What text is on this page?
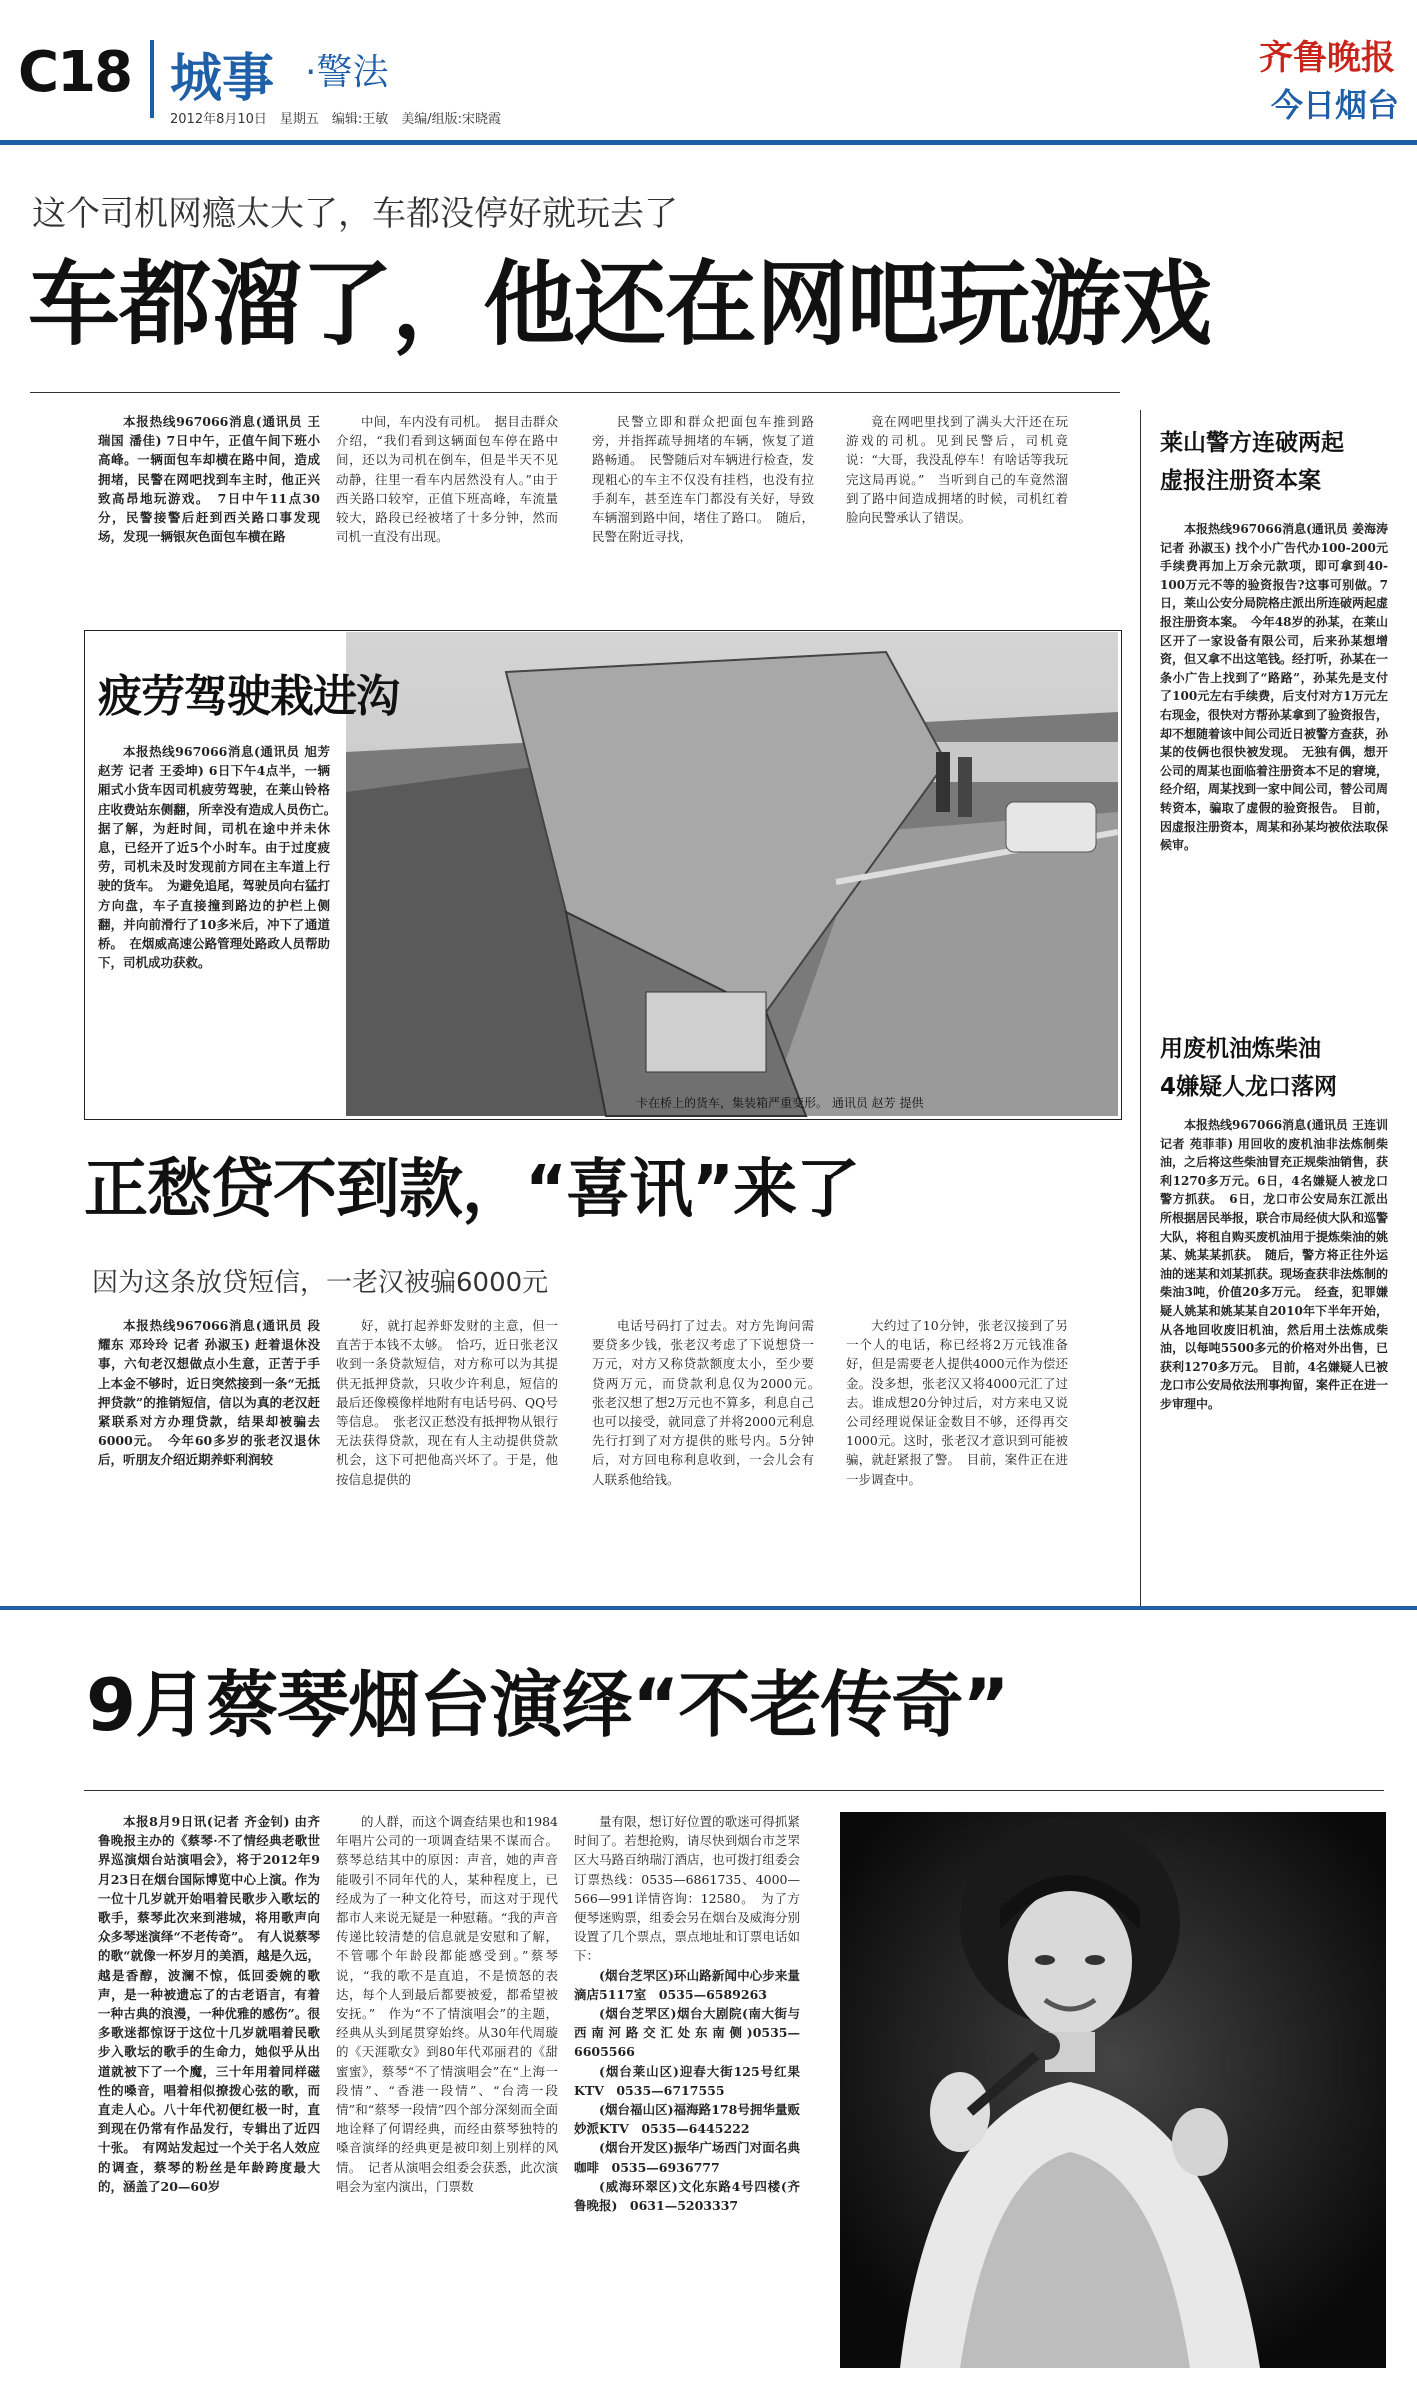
C18 城事 ·警法
2012年8月10日　星期五　编辑:王敏　美编/组版:宋晓霞
齐鲁晚报
今日烟台
这个司机网瘾太大了，车都没停好就玩去了
车都溜了，他还在网吧玩游戏

本报热线967066消息(通讯员 王瑞国 潘佳) 7日中午，正值午间下班小高峰。一辆面包车却横在路中间，造成拥堵，民警在网吧找到车主时，他正兴致高昂地玩游戏。　7日中午11点30分，民警接警后赶到西关路口事发现场，发现一辆银灰色面包车横在路

中间，车内没有司机。　据目击群众介绍，“我们看到这辆面包车停在路中间，还以为司机在倒车，但是半天不见动静，往里一看车内居然没有人。”由于西关路口较窄，正值下班高峰，车流量较大，路段已经被堵了十多分钟，然而司机一直没有出现。

民警立即和群众把面包车推到路旁，并指挥疏导拥堵的车辆，恢复了道路畅通。　民警随后对车辆进行检查，发现粗心的车主不仅没有挂档，也没有拉手刹车，甚至连车门都没有关好，导致车辆溜到路中间，堵住了路口。　随后，民警在附近寻找，

竟在网吧里找到了满头大汗还在玩游戏的司机。见到民警后，司机竟说：“大哥，我没乱停车！有啥话等我玩完这局再说。”　当听到自己的车竟然溜到了路中间造成拥堵的时候，司机红着脸向民警承认了错误。

疲劳驾驶栽进沟

本报热线967066消息(通讯员 旭芳 赵芳 记者 王委坤) 6日下午4点半，一辆厢式小货车因司机疲劳驾驶，在莱山铃格庄收费站东侧翻，所幸没有造成人员伤亡。　据了解，为赶时间，司机在途中并未休息，已经开了近5个小时车。由于过度疲劳，司机未及时发现前方同在主车道上行驶的货车。　为避免追尾，驾驶员向右猛打方向盘，车子直接撞到路边的护栏上侧翻，并向前滑行了10多米后，冲下了通道桥。　在烟威高速公路管理处路政人员帮助下，司机成功获救。

卡在桥上的货车，集装箱严重变形。 通讯员 赵芳 提供
莱山警方连破两起
虚报注册资本案

本报热线967066消息(通讯员 姜海涛 记者 孙淑玉) 找个小广告代办100-200元手续费再加上万余元款项，即可拿到40-100万元不等的验资报告?这事可别做。7日，莱山公安分局院格庄派出所连破两起虚报注册资本案。　今年48岁的孙某，在莱山区开了一家设备有限公司，后来孙某想增资，但又拿不出这笔钱。经打听，孙某在一条小广告上找到了“路路”，孙某先是支付了100元左右手续费，后支付对方1万元左右现金，很快对方帮孙某拿到了验资报告，却不想随着该中间公司近日被警方查获，孙某的伎俩也很快被发现。　无独有偶，想开公司的周某也面临着注册资本不足的窘境，经介绍，周某找到一家中间公司，替公司周转资本，骗取了虚假的验资报告。　目前，因虚报注册资本，周某和孙某均被依法取保候审。

用废机油炼柴油
4嫌疑人龙口落网

本报热线967066消息(通讯员 王连训 记者 苑菲菲) 用回收的废机油非法炼制柴油，之后将这些柴油冒充正规柴油销售，获利1270多万元。6日，4名嫌疑人被龙口警方抓获。　6日，龙口市公安局东江派出所根据居民举报，联合市局经侦大队和巡警大队，将租自购买废机油用于提炼柴油的姚某、姚某某抓获。　随后，警方将正往外运油的迷某和刘某抓获。现场查获非法炼制的柴油3吨，价值20多万元。　经查，犯罪嫌疑人姚某和姚某某自2010年下半年开始，从各地回收废旧机油，然后用土法炼成柴油，以每吨5500多元的价格对外出售，已获利1270多万元。　目前，4名嫌疑人已被龙口市公安局依法刑事拘留，案件正在进一步审理中。

正愁贷不到款，“喜讯”来了
因为这条放贷短信，一老汉被骗6000元

本报热线967066消息(通讯员 段耀东 邓玲玲 记者 孙淑玉) 赶着退休没事，六旬老汉想做点小生意，正苦于手上本金不够时，近日突然接到一条“无抵押贷款”的推销短信，信以为真的老汉赶紧联系对方办理贷款，结果却被骗去6000元。　今年60多岁的张老汉退休后，听朋友介绍近期养虾利润较

好，就打起养虾发财的主意，但一直苦于本钱不太够。　恰巧，近日张老汉收到一条贷款短信，对方称可以为其提供无抵押贷款，只收少许利息，短信的最后还像模像样地附有电话号码、QQ号等信息。　张老汉正愁没有抵押物从银行无法获得贷款，现在有人主动提供贷款机会，这下可把他高兴坏了。于是，他按信息提供的

电话号码打了过去。对方先询问需要贷多少钱，张老汉考虑了下说想贷一万元，对方又称贷款额度太小，至少要贷两万元，而贷款利息仅为2000元。　张老汉想了想2万元也不算多，利息自己也可以接受，就同意了并将2000元利息先行打到了对方提供的账号内。5分钟后，对方回电称利息收到，一会儿会有人联系他给钱。

大约过了10分钟，张老汉接到了另一个人的电话，称已经将2万元钱准备好，但是需要老人提供4000元作为偿还金。没多想，张老汉又将4000元汇了过去。谁成想20分钟过后，对方来电又说公司经理说保证金数目不够，还得再交1000元。这时，张老汉才意识到可能被骗，就赶紧报了警。　目前，案件正在进一步调查中。

9月蔡琴烟台演绎“不老传奇”

本报8月9日讯(记者 齐金钊) 由齐鲁晚报主办的《蔡琴·不了情经典老歌世界巡演烟台站演唱会》，将于2012年9月23日在烟台国际博览中心上演。作为一位十几岁就开始唱着民歌步入歌坛的歌手，蔡琴此次来到港城，将用歌声向众多琴迷演绎“不老传奇”。　有人说蔡琴的歌“就像一杯岁月的美酒，越是久远，越是香醇，波澜不惊，低回委婉的歌声，是一种被遗忘了的古老语言，有着一种古典的浪漫，一种优雅的感伤”。很多歌迷都惊讶于这位十几岁就唱着民歌步入歌坛的歌手的生命力，她似乎从出道就被下了一个魔，三十年用着同样磁性的嗓音，唱着相似撩拨心弦的歌，而直走人心。八十年代初便红极一时，直到现在仍常有作品发行，专辑出了近四十张。　有网站发起过一个关于名人效应的调查，蔡琴的粉丝是年龄跨度最大的，涵盖了20—60岁

的人群，而这个调查结果也和1984年唱片公司的一项调查结果不谋而合。蔡琴总结其中的原因：声音，她的声音能吸引不同年代的人，某种程度上，已经成为了一种文化符号，而这对于现代都市人来说无疑是一种慰藉。“我的声音传递比较清楚的信息就是安慰和了解，不管哪个年龄段都能感受到。”蔡琴说，“我的歌不是直追，不是愤怒的表达，每个人到最后都要被爱，都希望被安抚。”　作为“不了情演唱会”的主题，经典从头到尾贯穿始终。从30年代周璇的《天涯歌女》到80年代邓丽君的《甜蜜蜜》，蔡琴“不了情演唱会”在“上海一段情”、“香港一段情”、“台湾一段情”和“蔡琴一段情”四个部分深刻而全面地诠释了何谓经典，而经由蔡琴独特的嗓音演绎的经典更是被印刻上别样的风情。　记者从演唱会组委会获悉，此次演唱会为室内演出，门票数

量有限，想订好位置的歌迷可得抓紧时间了。若想抢购，请尽快到烟台市芝罘区大马路百纳瑞汀酒店，也可拨打组委会订票热线：0535—6861735、4000—566—991详情咨询：12580。　为了方便琴迷购票，组委会另在烟台及威海分别设置了几个票点，票点地址和订票电话如下：

(烟台芝罘区)环山路新闻中心步来量滴店5117室　0535—6589263

(烟台芝罘区)烟台大剧院(南大街与西南河路交汇处东南侧)0535—6605566

(烟台莱山区)迎春大街125号红果KTV　0535—6717555

(烟台福山区)福海路178号拥华量贩妙派KTV　0535—6445222

(烟台开发区)振华广场西门对面名典咖啡　0535—6936777

(威海环翠区)文化东路4号四楼(齐鲁晚报)　0631—5203337
